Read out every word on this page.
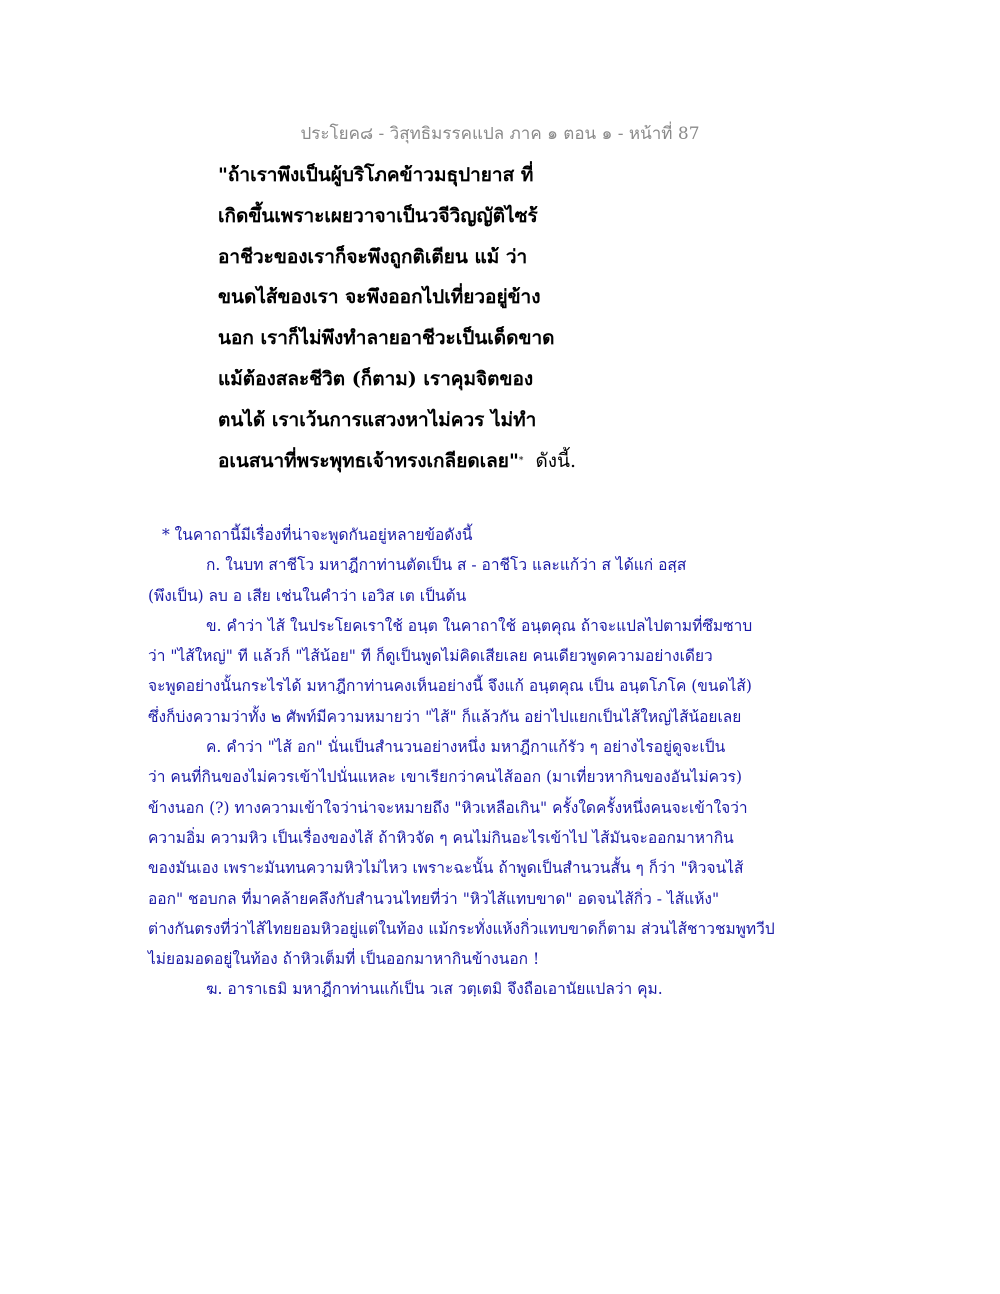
ประโยค๘ - วิสุทธิมรรคแปล ภาค ๑ ตอน ๑ - หน้าที่ 87
"ถ้าเราพึงเป็นผู้บริโภคข้าวมธุปายาส ที่
เกิดขึ้นเพราะเผยวาจาเป็นวจีวิญญัติไซร้
อาชีวะของเราก็จะพึงถูกติเตียน แม้ ว่า
ขนดไส้ของเรา จะพึงออกไปเที่ยวอยู่ข้าง
นอก เราก็ไม่พึงทำลายอาชีวะเป็นเด็ดขาด
แม้ต้องสละชีวิต (ก็ตาม) เราคุมจิตของ
ตนได้ เราเว้นการแสวงหาไม่ควร ไม่ทำ
อเนสนาที่พระพุทธเจ้าทรงเกลียดเลย"* ดังนี้.
* ในคาถานี้มีเรื่องที่น่าจะพูดกันอยู่หลายข้อดังนี้
ก. ในบท สาชีโว มหาฎีกาท่านตัดเป็น ส - อาชีโว และแก้ว่า ส ได้แก่ อสฺส
(พึงเป็น) ลบ อ เสีย เช่นในคำว่า เอวิส เต เป็นต้น
ข. คำว่า ไส้ ในประโยคเราใช้ อนฺต ในคาถาใช้ อนฺตคุณ ถ้าจะแปลไปตามที่ซึมซาบ
ว่า "ไส้ใหญ่" ที แล้วก็ "ไส้น้อย" ที ก็ดูเป็นพูดไม่คิดเสียเลย คนเดียวพูดความอย่างเดียว
จะพูดอย่างนั้นกระไรได้ มหาฎีกาท่านคงเห็นอย่างนี้ จึงแก้ อนฺตคุณ เป็น อนฺตโภโค (ขนดไส้)
ซึ่งก็บ่งความว่าทั้ง ๒ ศัพท์มีความหมายว่า "ไส้" ก็แล้วกัน อย่าไปแยกเป็นไส้ใหญ่ไส้น้อยเลย
ค. คำว่า "ไส้ อก" นั่นเป็นสำนวนอย่างหนึ่ง มหาฎีกาแก้รัว ๆ อย่างไรอยู่ดูจะเป็น
ว่า คนที่กินของไม่ควรเข้าไปนั่นแหละ เขาเรียกว่าคนไส้ออก (มาเที่ยวหากินของอันไม่ควร)
ข้างนอก (?) ทางความเข้าใจว่าน่าจะหมายถึง "หิวเหลือเกิน" ครั้งใดครั้งหนึ่งคนจะเข้าใจว่า
ความอิ่ม ความหิว เป็นเรื่องของไส้ ถ้าหิวจัด ๆ คนไม่กินอะไรเข้าไป ไส้มันจะออกมาหากิน
ของมันเอง เพราะมันทนความหิวไม่ไหว เพราะฉะนั้น ถ้าพูดเป็นสำนวนสั้น ๆ ก็ว่า "หิวจนไส้
ออก" ชอบกล ที่มาคล้ายคลึงกับสำนวนไทยที่ว่า "หิวไส้แทบขาด" อดจนไส้กิ่ว - ไส้แห้ง"
ต่างกันตรงที่ว่าไส้ไทยยอมหิวอยู่แต่ในท้อง แม้กระทั่งแห้งกิ่วแทบขาดก็ตาม ส่วนไส้ชาวชมพูทวีป
ไม่ยอมอดอยู่ในท้อง ถ้าหิวเต็มที่ เป็นออกมาหากินข้างนอก !
ฆ. อาราเธมิ มหาฎีกาท่านแก้เป็น วเส วตฺเตมิ จึงถือเอานัยแปลว่า คุม.
